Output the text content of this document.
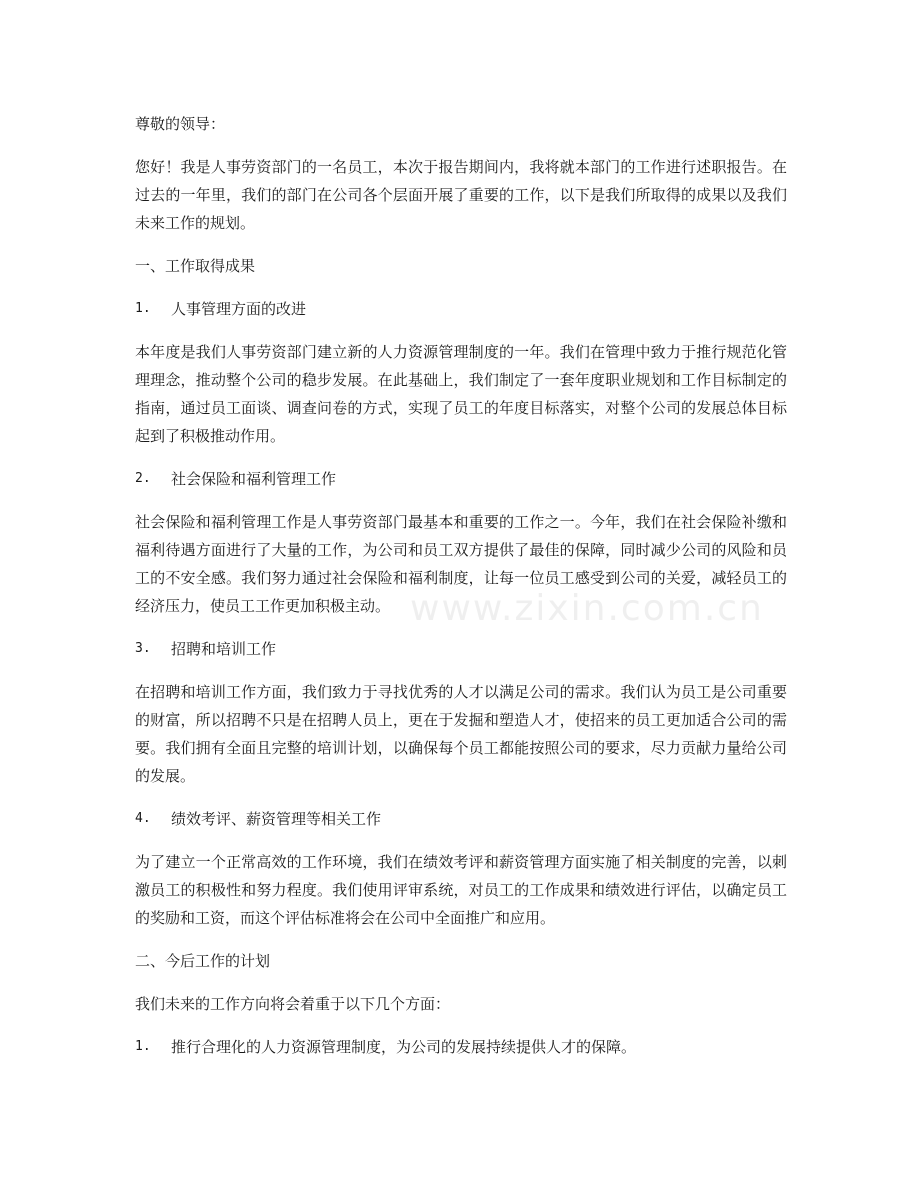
www.zixin.com.cn

尊敬的领导：

您好！我是人事劳资部门的一名员工，本次于报告期间内，我将就本部门的工作进行述职报告。在过去的一年里，我们的部门在公司各个层面开展了重要的工作，以下是我们所取得的成果以及我们未来工作的规划。

一、工作取得成果

1.	人事管理方面的改进

本年度是我们人事劳资部门建立新的人力资源管理制度的一年。我们在管理中致力于推行规范化管理理念，推动整个公司的稳步发展。在此基础上，我们制定了一套年度职业规划和工作目标制定的指南，通过员工面谈、调查问卷的方式，实现了员工的年度目标落实，对整个公司的发展总体目标起到了积极推动作用。

2.	社会保险和福利管理工作

社会保险和福利管理工作是人事劳资部门最基本和重要的工作之一。今年，我们在社会保险补缴和福利待遇方面进行了大量的工作，为公司和员工双方提供了最佳的保障，同时减少公司的风险和员工的不安全感。我们努力通过社会保险和福利制度，让每一位员工感受到公司的关爱，减轻员工的经济压力，使员工工作更加积极主动。

3.	招聘和培训工作

在招聘和培训工作方面，我们致力于寻找优秀的人才以满足公司的需求。我们认为员工是公司重要的财富，所以招聘不只是在招聘人员上，更在于发掘和塑造人才，使招来的员工更加适合公司的需要。我们拥有全面且完整的培训计划，以确保每个员工都能按照公司的要求，尽力贡献力量给公司的发展。

4.	绩效考评、薪资管理等相关工作

为了建立一个正常高效的工作环境，我们在绩效考评和薪资管理方面实施了相关制度的完善，以刺激员工的积极性和努力程度。我们使用评审系统，对员工的工作成果和绩效进行评估，以确定员工的奖励和工资，而这个评估标准将会在公司中全面推广和应用。

二、今后工作的计划

我们未来的工作方向将会着重于以下几个方面：

1.	推行合理化的人力资源管理制度，为公司的发展持续提供人才的保障。
